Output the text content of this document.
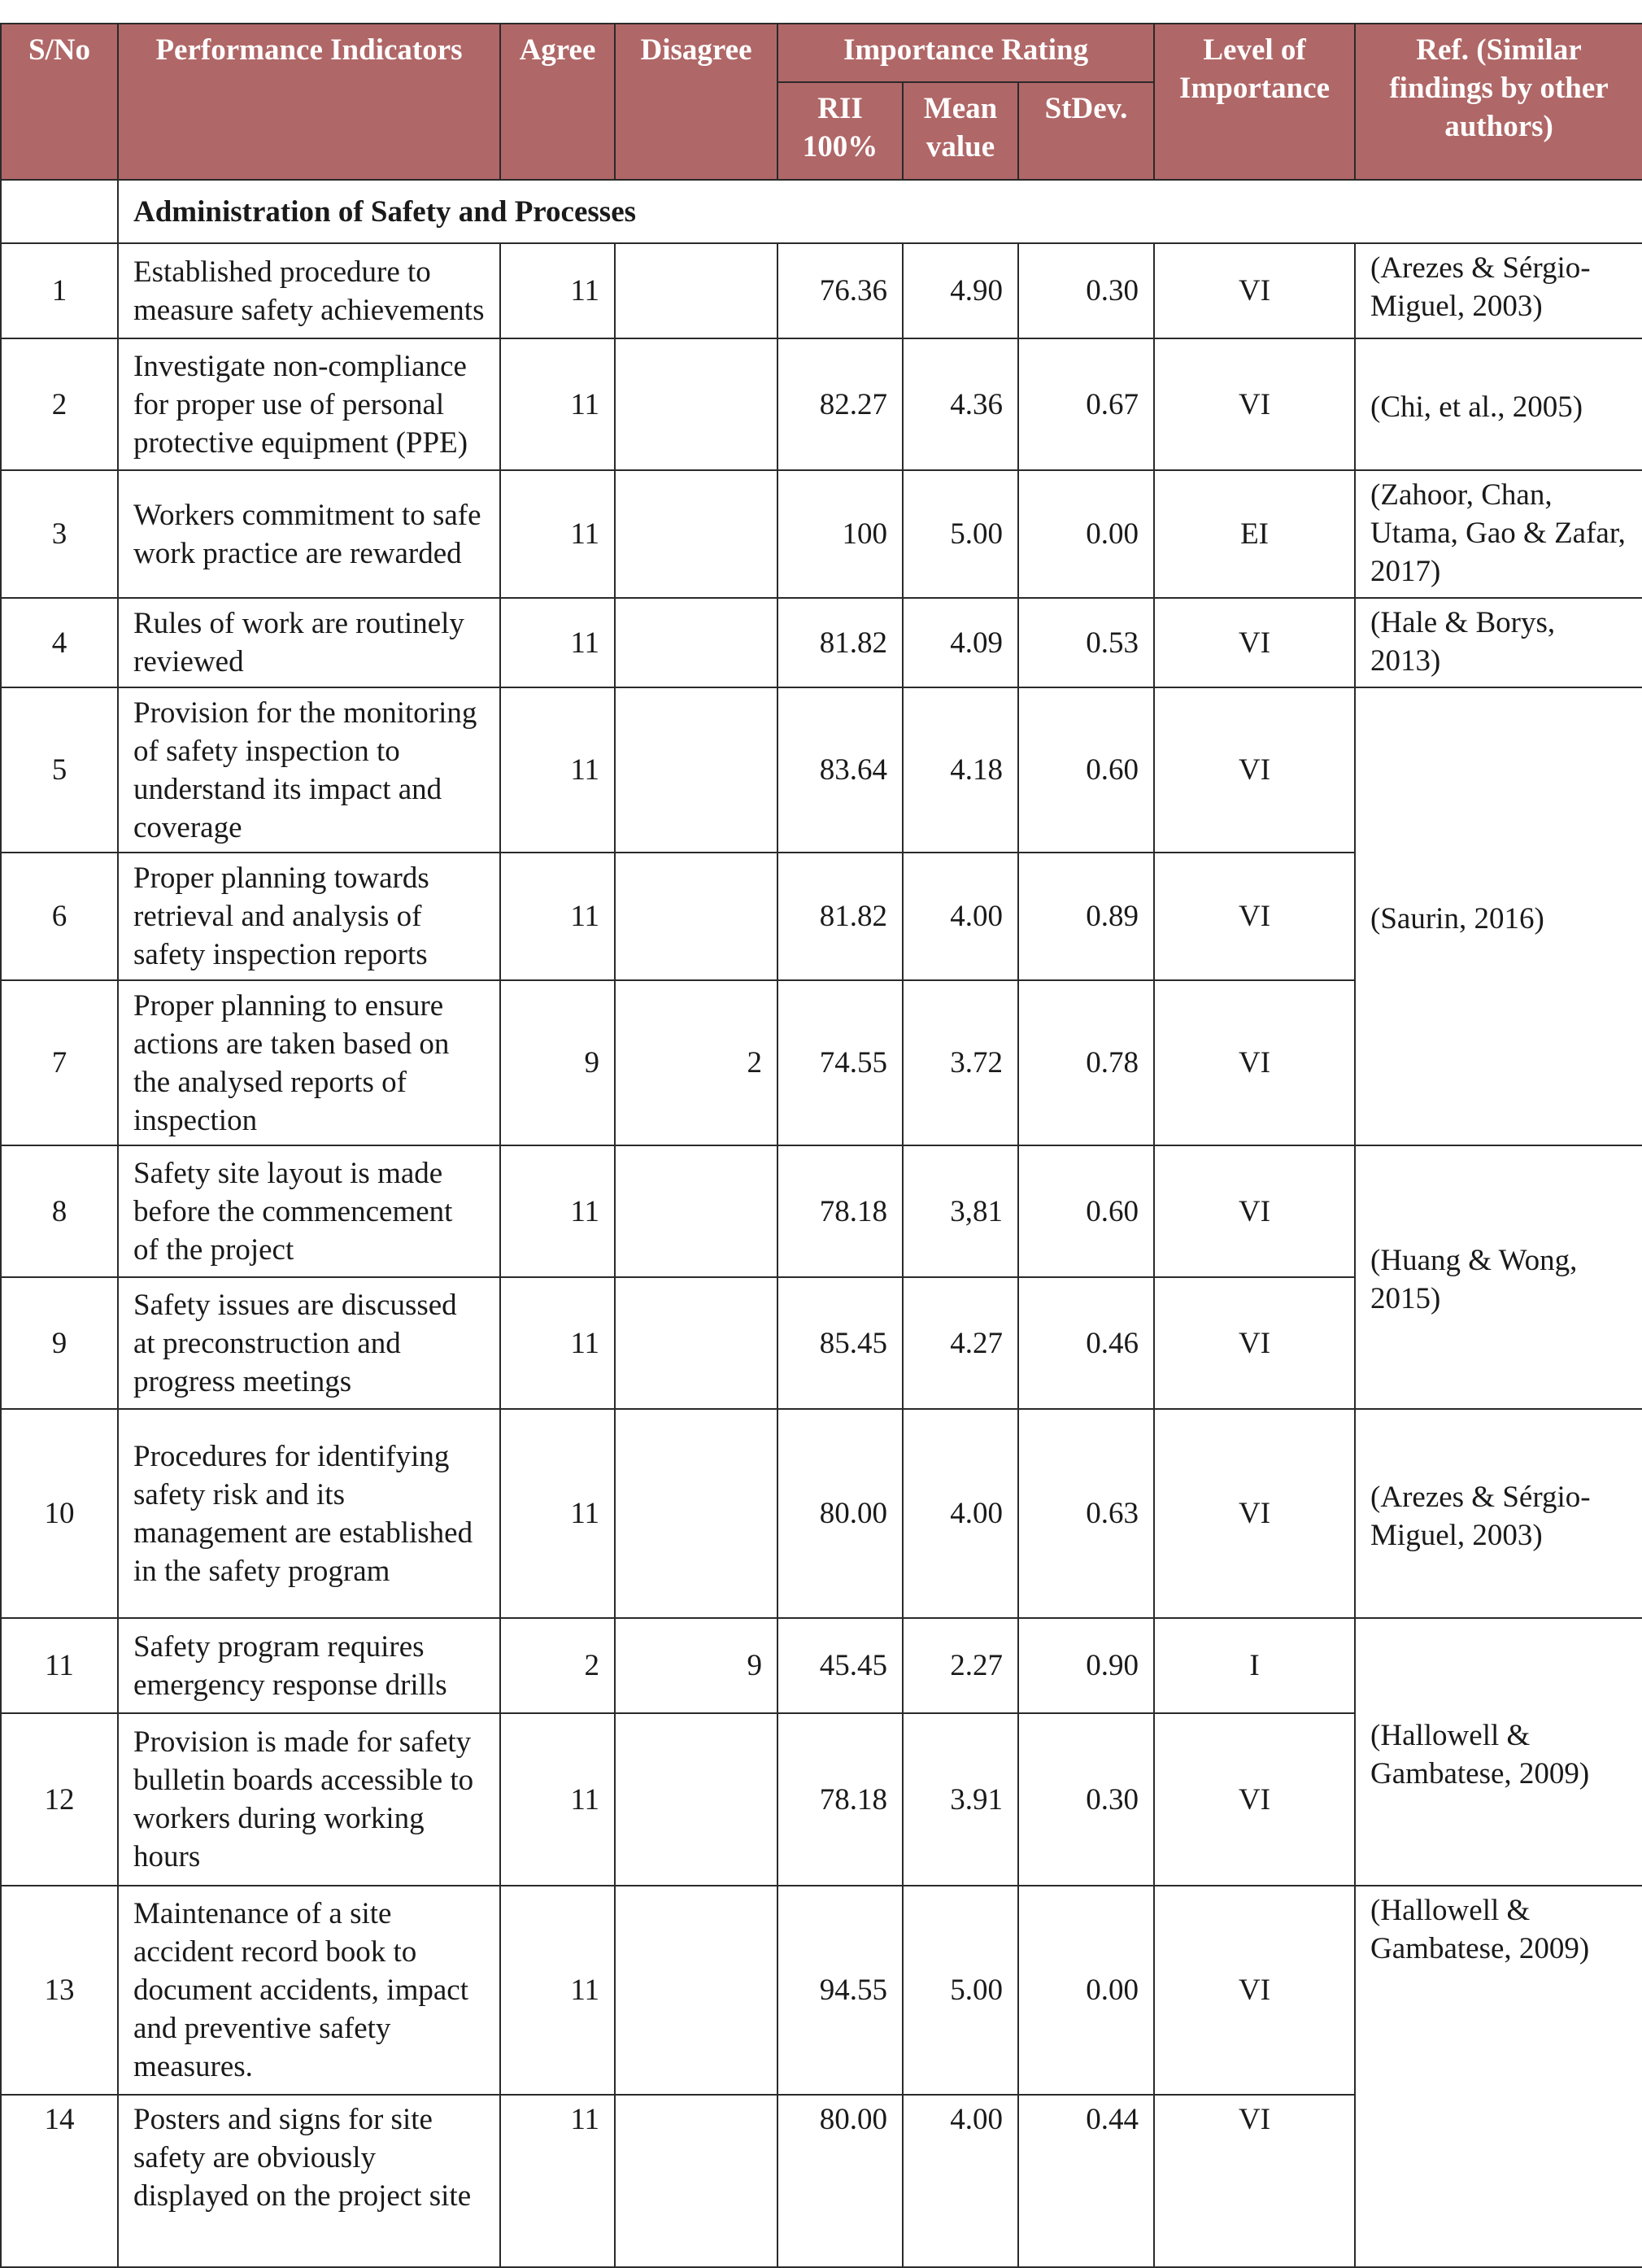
S/No	Performance Indicators	Agree	Disagree	Importance Rating			Level of Importance	Ref. (Similar findings by other authors)
				RII 100%	Mean value	StDev.		
	Administration of Safety and Processes							
1	Established procedure to measure safety achievements	11		76.36	4.90	0.30	VI	(Arezes & Sérgio-Miguel, 2003)
2	Investigate non-compliance for proper use of personal protective equipment (PPE)	11		82.27	4.36	0.67	VI	(Chi, et al., 2005)
3	Workers commitment to safe work practice are rewarded	11		100	5.00	0.00	EI	(Zahoor, Chan, Utama, Gao & Zafar, 2017)
4	Rules of work are routinely reviewed	11		81.82	4.09	0.53	VI	(Hale & Borys, 2013)
5	Provision for the monitoring of safety inspection to understand its impact and coverage	11		83.64	4.18	0.60	VI	(Saurin, 2016)
6	Proper planning towards retrieval and analysis of safety inspection reports	11		81.82	4.00	0.89	VI	
7	Proper planning to ensure actions are taken based on the analysed reports of inspection	9	2	74.55	3.72	0.78	VI	
8	Safety site layout is made before the commencement of the project	11		78.18	3,81	0.60	VI	(Huang & Wong, 2015)
9	Safety issues are discussed at preconstruction and progress meetings	11		85.45	4.27	0.46	VI	
10	Procedures for identifying safety risk and its management are established in the safety program	11		80.00	4.00	0.63	VI	(Arezes & Sérgio-Miguel, 2003)
11	Safety program requires emergency response drills	2	9	45.45	2.27	0.90	I	(Hallowell & Gambatese, 2009)
12	Provision is made for safety bulletin boards accessible to workers during working hours	11		78.18	3.91	0.30	VI	
13	Maintenance of a site accident record book to document accidents, impact and preventive safety measures.	11		94.55	5.00	0.00	VI	(Hallowell & Gambatese, 2009)
14	Posters and signs for site safety are obviously displayed on the project site	11		80.00	4.00	0.44	VI	
